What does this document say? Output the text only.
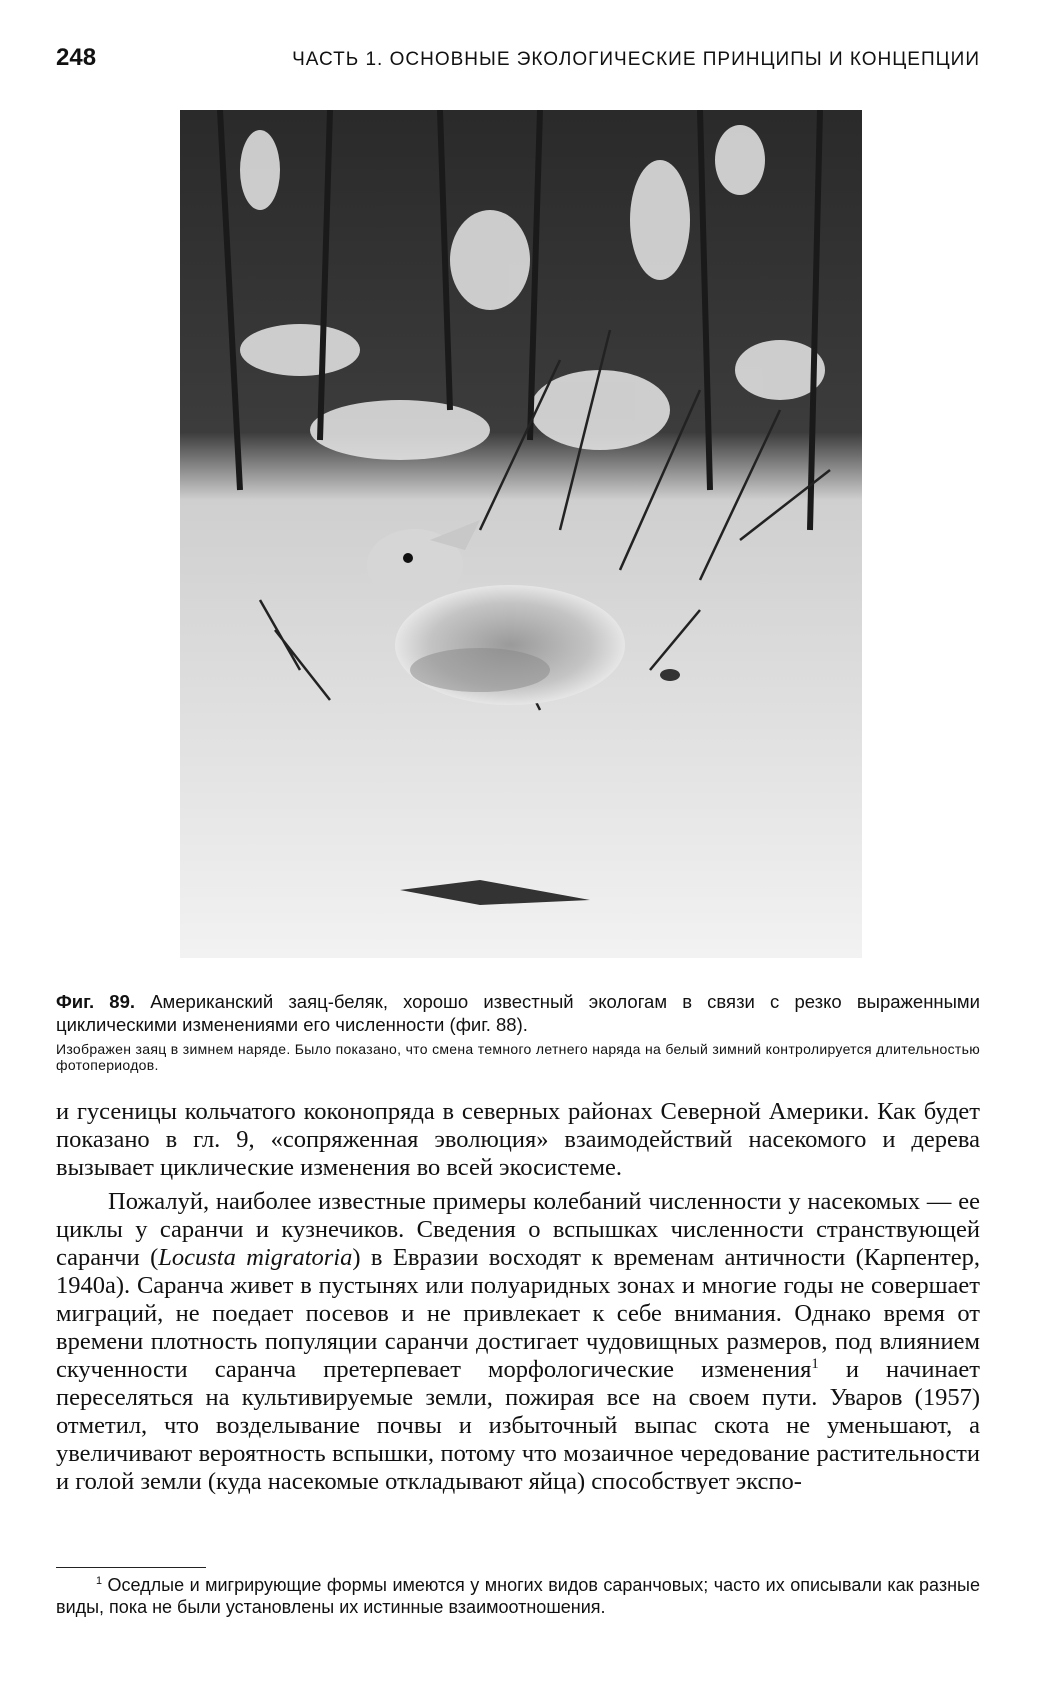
248	ЧАСТЬ 1. ОСНОВНЫЕ ЭКОЛОГИЧЕСКИЕ ПРИНЦИПЫ И КОНЦЕПЦИИ

Фиг. 89. Американский заяц-беляк, хорошо известный экологам в связи с резко выраженными циклическими изменениями его численности (фиг. 88).

Изображен заяц в зимнем наряде. Было показано, что смена темного летнего наряда на белый зимний контролируется длительностью фотопериодов.

и гусеницы кольчатого коконопряда в северных районах Северной Америки. Как будет показано в гл. 9, «сопряженная эволюция» взаимодействий насекомого и дерева вызывает циклические изменения во всей экосистеме.

Пожалуй, наиболее известные примеры колебаний численности у насекомых — ее циклы у саранчи и кузнечиков. Сведения о вспышках численности странствующей саранчи (Locusta migratoria) в Евразии восходят к временам античности (Карпентер, 1940а). Саранча живет в пустынях или полуаридных зонах и многие годы не совершает миграций, не поедает посевов и не привлекает к себе внимания. Однако время от времени плотность популяции саранчи достигает чудовищных размеров, под влиянием скученности саранча претерпевает морфологические изменения$^1$ и начинает переселяться на культивируемые земли, пожирая все на своем пути. Уваров (1957) отметил, что возделывание почвы и избыточный выпас скота не уменьшают, а увеличивают вероятность вспышки, потому что мозаичное чередование растительности и голой земли (куда насекомые откладывают яйца) способствует экспо-

$^1$ Оседлые и мигрирующие формы имеются у многих видов саранчовых; часто их описывали как разные виды, пока не были установлены их истинные взаимоотношения.
